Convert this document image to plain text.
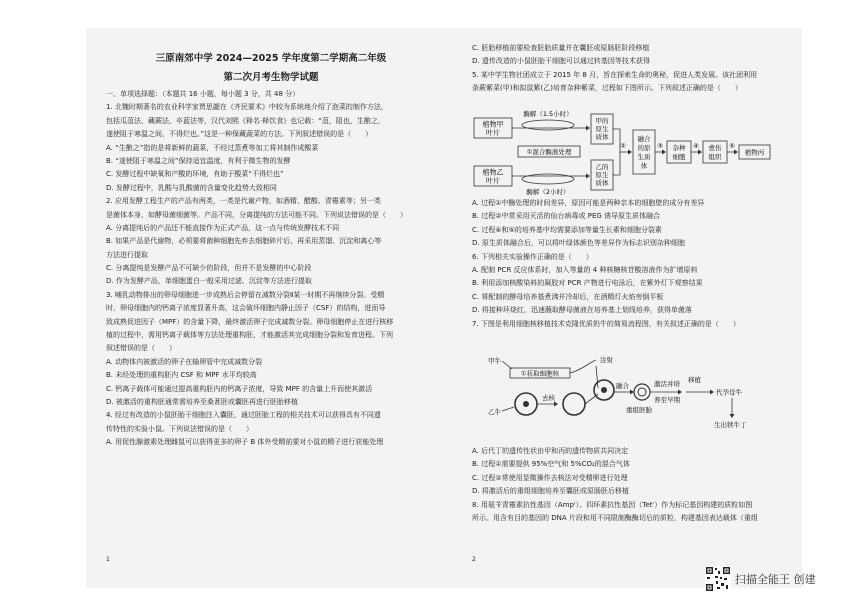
三原南郊中学 2024—2025 学年度第二学期高二年级
第二次月考生物学试题

一、单项选择题：（本题共 16 小题，每小题 3 分，共 48 分）

1. 北魏时期著名的农业科学家贾思勰在《齐民要术》中较为系统地介绍了泡菜的制作方法，

包括瓜菹法、藏蕨法、卒蓝法等，汉代刘熙《释名·释饮食》也记载：“菹，阻也，生酿之，

遂使阻于寒温之间，不得烂也。”这是一种保藏蔬菜的方法。下列叙述错误的是（　　）

A. “生酿之”指的是将新鲜的蔬菜，不经过蒸煮等加工将其制作成酸菜

B. “遂使阻于寒温之间”保持适宜温度，有利于微生物的发酵

C. 发酵过程中缺氧和产酸的环境，有助于酸菜“不得烂也”

D. 发酵过程中，乳酸与乳酸菌的含量变化趋势大致相同

2. 应用发酵工程生产的产品有两类，一类是代谢产物，如酒精、醋酸、青霉素等；另一类

是菌体本身，如酵母菌细菌等。产品不同，分离提纯的方法可能不同。下列说法错误的是（　　）

A. 分离提纯后的产品还不能直接作为正式产品，这一点与传统发酵技术不同

B. 如果产品是代谢物，必须要将菌种细胞先弃去细胞碎片后，再采用蒸馏、沉淀和离心等

方法进行提取

C. 分离提纯是发酵产品不可缺少的阶段，但并不是发酵的中心阶段

D. 作为发酵产品，单细胞蛋白一般采用过滤、沉淀等方法进行提取

3. 哺乳动物排出的卵母细胞进一步成熟后会停留在减数分裂Ⅱ某一时期不再继续分裂。受精

时，卵母细胞内的钙离子浓度显著升高，这会破坏细胞内静止因子（CSF）的结构，进而导

致成熟促进因子（MPF）的含量下降，最终激活卵子完成减数分裂。卵母细胞停止在进行核移

植的过程中，需用钙离子载体等方法处理重构胚，才能激活其完成细胞分裂和发育进程。下列

叙述错误的是（　　）

A. 动物体内被激活的卵子在输卵管中完成减数分裂

B. 未经处理的重构胚内 CSF 和 MPF 水平均较高

C. 钙离子载体可能通过提高重构胚内的钙离子浓度，导致 MPF 的含量上升而使其激活

D. 被激活的重构胚通常需培养至桑葚胚或囊胚再进行胚胎移植

4. 经过有改造的小鼠胚胎干细胞注入囊胚，通过胚胎工程的相关技术可以获得具有不同遗

传特性的实验小鼠。下列说法错误的是（　　）

A. 用促性腺激素处理雌鼠可以获得更多的卵子 B 体外受精前要对小鼠的精子进行获能处理

1

C. 胚胎移植前要检查胚胎质量并在囊胚或原肠胚阶段移植

D. 遗传改造的小鼠胚胎干细胞可以通过转基因等技术获得

5. 某中学生物社团成立于 2015 年 8 月，旨在探索生命的奥秘，促进人类发展。该社团利用

条蕨紫菜(甲)和拟鼠紫(乙)培育杂种紫菜，过程如下图所示。下列叙述正确的是（　　）

植物甲
叶片
植物乙
叶片
酶解（1.5小时）
①混合酶液处理
酶解（2小时）
甲的
原生
质体
乙的
原生
质体
②
融合
的原
生质
体
③ 杂种
细胞
④ 愈伤
组织
⑤
植物丙

A. 过程①中酶处理的时间差异，原因可能是两种亲本的细胞壁的成分有差异

B. 过程②中常采用灭活的仙台病毒或 PEG 诱导原生质体融合

C. 过程④和⑤的培养基中均需要添加等量生长素和细胞分裂素

D. 原生质体融合后，可以将叶绿体颜色等差异作为标志识别杂种细胞

6. 下列相关实验操作正确的是（　　）

A. 配制 PCR 反应体系时，加入等量的 4 种核糖核苷酸溶液作为扩增原料

B. 利用添加核酸染料的凝胶对 PCR 产物进行电泳后，在紫外灯下观察结果

C. 将配制的酵母培养基煮沸并冷却后，在酒精灯火焰旁倒平板

D. 将接种环烧红，迅速蘸取酵母菌液在培养基上划线培养，获得单菌落

7. 下图是利用细胞核移植技术克隆优质奶牛的简易流程图，有关叙述正确的是（　　）

甲牛
①获取细胞核
注射
乙牛
去核
融合	激活并培
养至早期
重组胚胎
移植
代孕母牛
生出犊牛丁

A. 后代丁的遗传性状由甲和丙的遗传物质共同决定

B. 过程①需要提供 95%空气和 5%CO₂的混合气体

C. 过程②常使用显微操作去核法对受精卵进行处理

D. 将激活后的重组细胞培养至囊胚或原肠胚后移植

8. 用氨苄青霉素抗性基因（Ampʳ）、四环素抗性基因（Tetʳ）作为标记基因构建的质粒如图

所示。用含有目的基因的 DNA 片段和用不同限制酶酶切后的质粒，构建基因表达载体（重组

2
扫描全能王 创建
